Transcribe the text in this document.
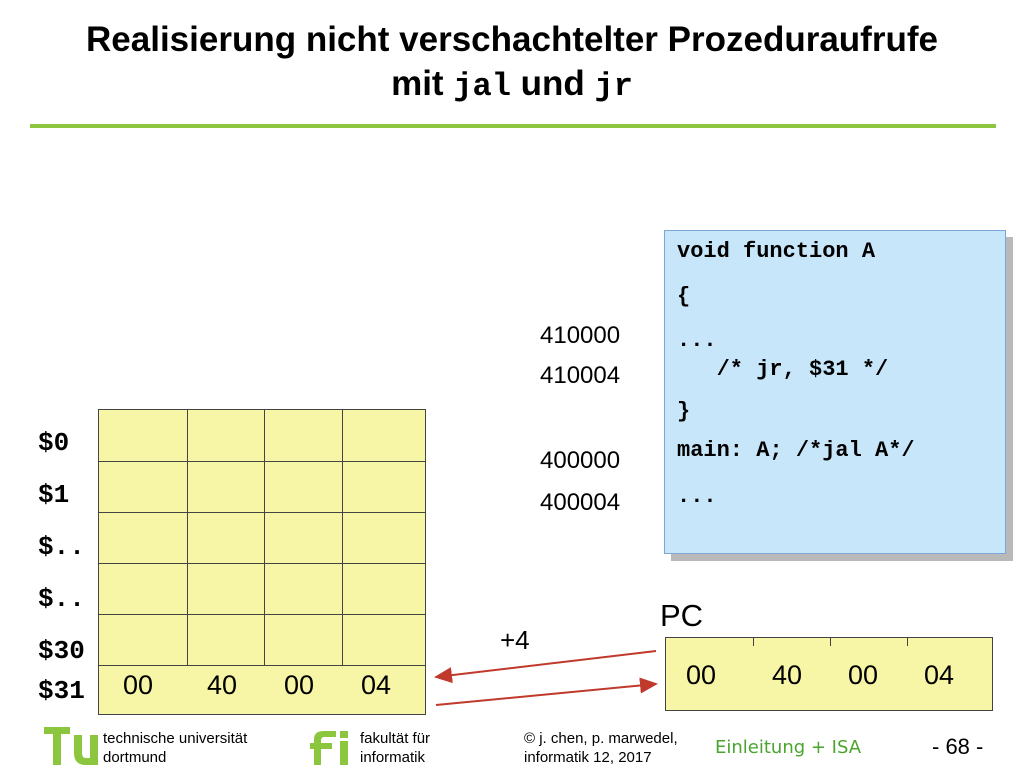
Realisierung nicht verschachtelter Prozeduraufrufe
mit jal und jr
void function A
{
...
/* jr, $31 */
}
main: A; /*jal A*/
...
410000
410004
400000
400004
$0
$1
$..
$..
$30
$31 00 40 00 04
PC
00 40 00 04
+4
technische universität
dortmund
fakultät für
informatik
© j. chen, p. marwedel,
informatik 12, 2017	Einleitung + ISA	- 68 -
